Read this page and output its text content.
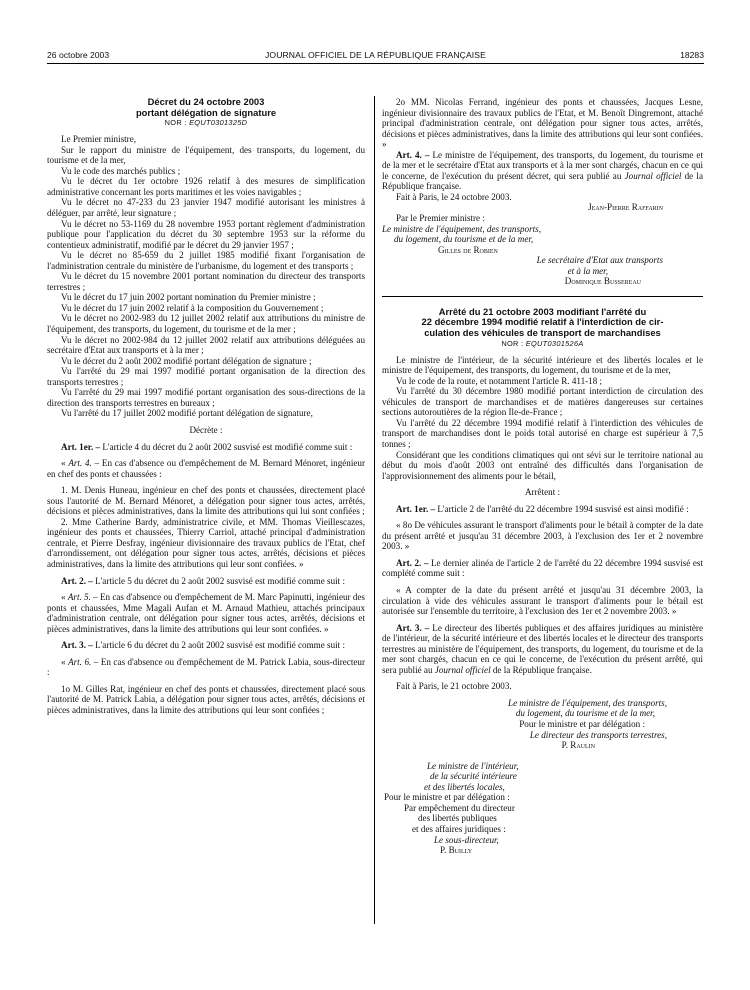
26 octobre 2003	JOURNAL OFFICIEL DE LA RÉPUBLIQUE FRANÇAISE	18283
Décret du 24 octobre 2003
portant délégation de signature
NOR : EQUT0301325D

Le Premier ministre,

Sur le rapport du ministre de l'équipement, des transports, du logement, du tourisme et de la mer,

Vu le code des marchés publics ;

Vu le décret du 1er octobre 1926 relatif à des mesures de simplification administrative concernant les ports maritimes et les voies navigables ;

Vu le décret no 47-233 du 23 janvier 1947 modifié autorisant les ministres à déléguer, par arrêté, leur signature ;

Vu le décret no 53-1169 du 28 novembre 1953 portant règlement d'administration publique pour l'application du décret du 30 septembre 1953 sur la réforme du contentieux administratif, modifié par le décret du 29 janvier 1957 ;

Vu le décret no 85-659 du 2 juillet 1985 modifié fixant l'organisation de l'administration centrale du ministère de l'urbanisme, du logement et des transports ;

Vu le décret du 15 novembre 2001 portant nomination du directeur des transports terrestres ;

Vu le décret du 17 juin 2002 portant nomination du Premier ministre ;

Vu le décret du 17 juin 2002 relatif à la composition du Gouvernement ;

Vu le décret no 2002-983 du 12 juillet 2002 relatif aux attributions du ministre de l'équipement, des transports, du logement, du tourisme et de la mer ;

Vu le décret no 2002-984 du 12 juillet 2002 relatif aux attributions déléguées au secrétaire d'Etat aux transports et à la mer ;

Vu le décret du 2 août 2002 modifié portant délégation de signature ;

Vu l'arrêté du 29 mai 1997 modifié portant organisation de la direction des transports terrestres ;

Vu l'arrêté du 29 mai 1997 modifié portant organisation des sous-directions de la direction des transports terrestres en bureaux ;

Vu l'arrêté du 17 juillet 2002 modifié portant délégation de signature,

Décrète :

Art. 1er. – L'article 4 du décret du 2 août 2002 susvisé est modifié comme suit :

« Art. 4. – En cas d'absence ou d'empêchement de M. Bernard Ménoret, ingénieur en chef des ponts et chaussées :

1. M. Denis Huneau, ingénieur en chef des ponts et chaussées, directement placé sous l'autorité de M. Bernard Ménoret, a délégation pour signer tous actes, arrêtés, décisions et pièces administratives, dans la limite des attributions qui lui sont confiées ;

2. Mme Catherine Bardy, administratrice civile, et MM. Thomas Vieillescazes, ingénieur des ponts et chaussées, Thierry Carriol, attaché principal d'administration centrale, et Pierre Desfray, ingénieur divisionnaire des travaux publics de l'Etat, chef d'arrondissement, ont délégation pour signer tous actes, arrêtés, décisions et pièces administratives, dans la limite des attributions qui leur sont confiées. »

Art. 2. – L'article 5 du décret du 2 août 2002 susvisé est modifié comme suit :

« Art. 5. – En cas d'absence ou d'empêchement de M. Marc Papinutti, ingénieur des ponts et chaussées, Mme Magali Aufan et M. Arnaud Mathieu, attachés principaux d'administration centrale, ont délégation pour signer tous actes, arrêtés, décisions et pièces administratives, dans la limite des attributions qui leur sont confiées. »

Art. 3. – L'article 6 du décret du 2 août 2002 susvisé est modifié comme suit :

« Art. 6. – En cas d'absence ou d'empêchement de M. Patrick Labia, sous-directeur :

1o M. Gilles Rat, ingénieur en chef des ponts et chaussées, directement placé sous l'autorité de M. Patrick Labia, a délégation pour signer tous actes, arrêtés, décisions et pièces administratives, dans la limite des attributions qui leur sont confiées ;

2o MM. Nicolas Ferrand, ingénieur des ponts et chaussées, Jacques Lesne, ingénieur divisionnaire des travaux publics de l'Etat, et M. Benoît Dingremont, attaché principal d'administration centrale, ont délégation pour signer tous actes, arrêtés, décisions et pièces administratives, dans la limite des attributions qui leur sont confiées. »

Art. 4. – Le ministre de l'équipement, des transports, du logement, du tourisme et de la mer et le secrétaire d'Etat aux transports et à la mer sont chargés, chacun en ce qui le concerne, de l'exécution du présent décret, qui sera publié au Journal officiel de la République française.

Fait à Paris, le 24 octobre 2003.

Jean-Pierre Raffarin

Par le Premier ministre :

Le ministre de l'équipement, des transports,

du logement, du tourisme et de la mer,

Gilles de Robien

Le secrétaire d'Etat aux transports

et à la mer,

Dominique Bussereau

Arrêté du 21 octobre 2003 modifiant l'arrêté du
22 décembre 1994 modifié relatif à l'interdiction de cir-
culation des véhicules de transport de marchandises
NOR : EQUT0301526A

Le ministre de l'intérieur, de la sécurité intérieure et des libertés locales et le ministre de l'équipement, des transports, du logement, du tourisme et de la mer,

Vu le code de la route, et notamment l'article R. 411-18 ;

Vu l'arrêté du 30 décembre 1980 modifié portant interdiction de circulation des véhicules de transport de marchandises et de matières dangereuses sur certaines sections autoroutières de la région Ile-de-France ;

Vu l'arrêté du 22 décembre 1994 modifié relatif à l'interdiction des véhicules de transport de marchandises dont le poids total autorisé en charge est supérieur à 7,5 tonnes ;

Considérant que les conditions climatiques qui ont sévi sur le territoire national au début du mois d'août 2003 ont entraîné des difficultés dans l'organisation de l'approvisionnement des aliments pour le bétail,

Arrêtent :

Art. 1er. – L'article 2 de l'arrêté du 22 décembre 1994 susvisé est ainsi modifié :

« 8o De véhicules assurant le transport d'aliments pour le bétail à compter de la date du présent arrêté et jusqu'au 31 décembre 2003, à l'exclusion des 1er et 2 novembre 2003. »

Art. 2. – Le dernier alinéa de l'article 2 de l'arrêté du 22 décembre 1994 susvisé est complété comme suit :

« A compter de la date du présent arrêté et jusqu'au 31 décembre 2003, la circulation à vide des véhicules assurant le transport d'aliments pour le bétail est autorisée sur l'ensemble du territoire, à l'exclusion des 1er et 2 novembre 2003. »

Art. 3. – Le directeur des libertés publiques et des affaires juridiques au ministère de l'intérieur, de la sécurité intérieure et des libertés locales et le directeur des transports terrestres au ministère de l'équipement, des transports, du logement, du tourisme et de la mer sont chargés, chacun en ce qui le concerne, de l'exécution du présent arrêté, qui sera publié au Journal officiel de la République française.

Fait à Paris, le 21 octobre 2003.

Le ministre de l'équipement, des transports,

du logement, du tourisme et de la mer,

Pour le ministre et par délégation :

Le directeur des transports terrestres,

P. Raulin

Le ministre de l'intérieur,

de la sécurité intérieure

et des libertés locales,

Pour le ministre et par délégation :

Par empêchement du directeur

des libertés publiques

et des affaires juridiques :

Le sous-directeur,

P. Builly
